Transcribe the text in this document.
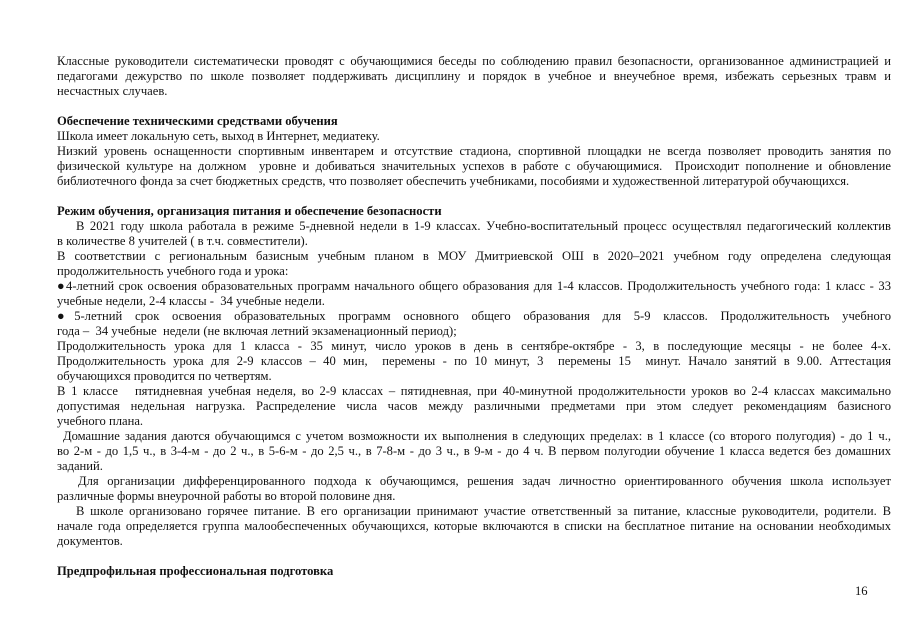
Классные руководители систематически проводят с обучающимися беседы по соблюдению правил безопасности, организованное администрацией и
педагогами дежурство по школе позволяет поддерживать дисциплину и порядок в учебное и внеучебное время, избежать серьезных травм и
несчастных случаев.

Обеспечение техническими средствами обучения
Школа имеет локальную сеть, выход в Интернет, медиатеку.
Низкий уровень оснащенности спортивным инвентарем и отсутствие стадиона, спортивной площадки не всегда позволяет проводить занятия по
физической культуре на должном  уровне и добиваться значительных успехов в работе с обучающимися.  Происходит пополнение и обновление
библиотечного фонда за счет бюджетных средств, что позволяет обеспечить учебниками, пособиями и художественной литературой обучающихся.

Режим обучения, организация питания и обеспечение безопасности
В 2021 году школа работала в режиме 5-дневной недели в 1-9 классах. Учебно-воспитательный процесс осуществлял педагогический коллектив
в количестве 8 учителей ( в т.ч. совместители).
В соответствии с региональным базисным учебным планом в МОУ Дмитриевской ОШ в 2020–2021 учебном году определена следующая
продолжительность учебного года и урока:
●4-летний срок освоения образовательных программ начального общего образования для 1-4 классов. Продолжительность учебного года: 1 класс - 33
учебные недели, 2-4 классы -  34 учебные недели.
●5-летний срок освоения образовательных программ основного общего образования для 5-9 классов. Продолжительность учебного
года –  34 учебные  недели (не включая летний экзаменационный период);
Продолжительность урока для 1 класса - 35 минут, число уроков в день в сентябре-октябре - 3, в последующие месяцы - не более 4-х.
Продолжительность урока для 2-9 классов – 40 мин,  перемены - по 10 минут, 3  перемены 15  минут. Начало занятий в 9.00. Аттестация
обучающихся проводится по четвертям.
В 1 классе   пятидневная учебная неделя, во 2-9 классах – пятидневная, при 40-минутной продолжительности уроков во 2-4 классах максимально
допустимая недельная нагрузка. Распределение числа часов между различными предметами при этом следует рекомендациям базисного
учебного плана.
Домашние задания даются обучающимся с учетом возможности их выполнения в следующих пределах: в 1 классе (со второго полугодия) - до 1 ч.,
во 2-м - до 1,5 ч., в 3-4-м - до 2 ч., в 5-6-м - до 2,5 ч., в 7-8-м - до 3 ч., в 9-м - до 4 ч. В первом полугодии обучение 1 класса ведется без домашних
заданий.
Для организации дифференцированного подхода к обучающимся, решения задач личностно ориентированного обучения школа использует
различные формы внеурочной работы во второй половине дня.
В школе организовано горячее питание. В его организации принимают участие ответственный за питание, классные руководители, родители. В
начале года определяется группа малообеспеченных обучающихся, которые включаются в списки на бесплатное питание на основании необходимых
документов.

Предпрофильная профессиональная подготовка
16
